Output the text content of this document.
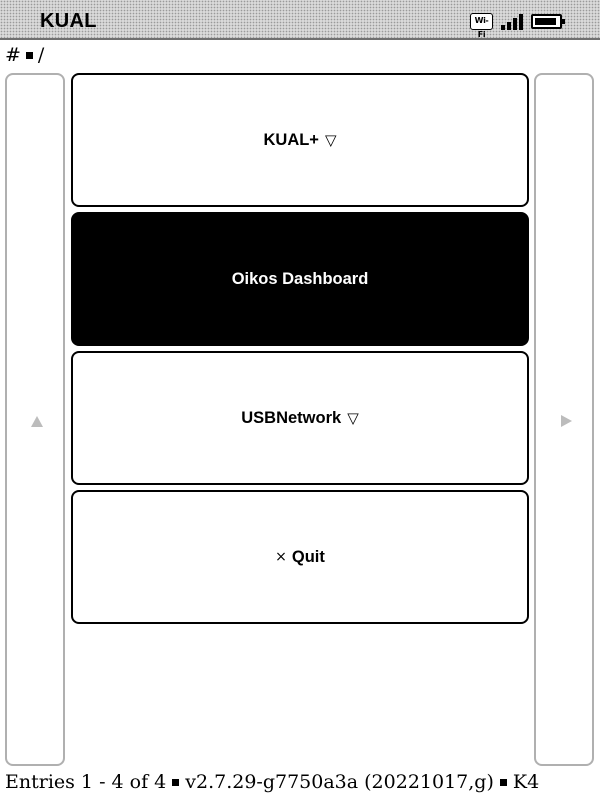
KUAL	Wi-Fi
# /
KUAL+ ▽
Oikos Dashboard
USBNetwork ▽
× Quit
Entries 1 - 4 of 4 v2.7.29-g7750a3a (20221017,g) K4
